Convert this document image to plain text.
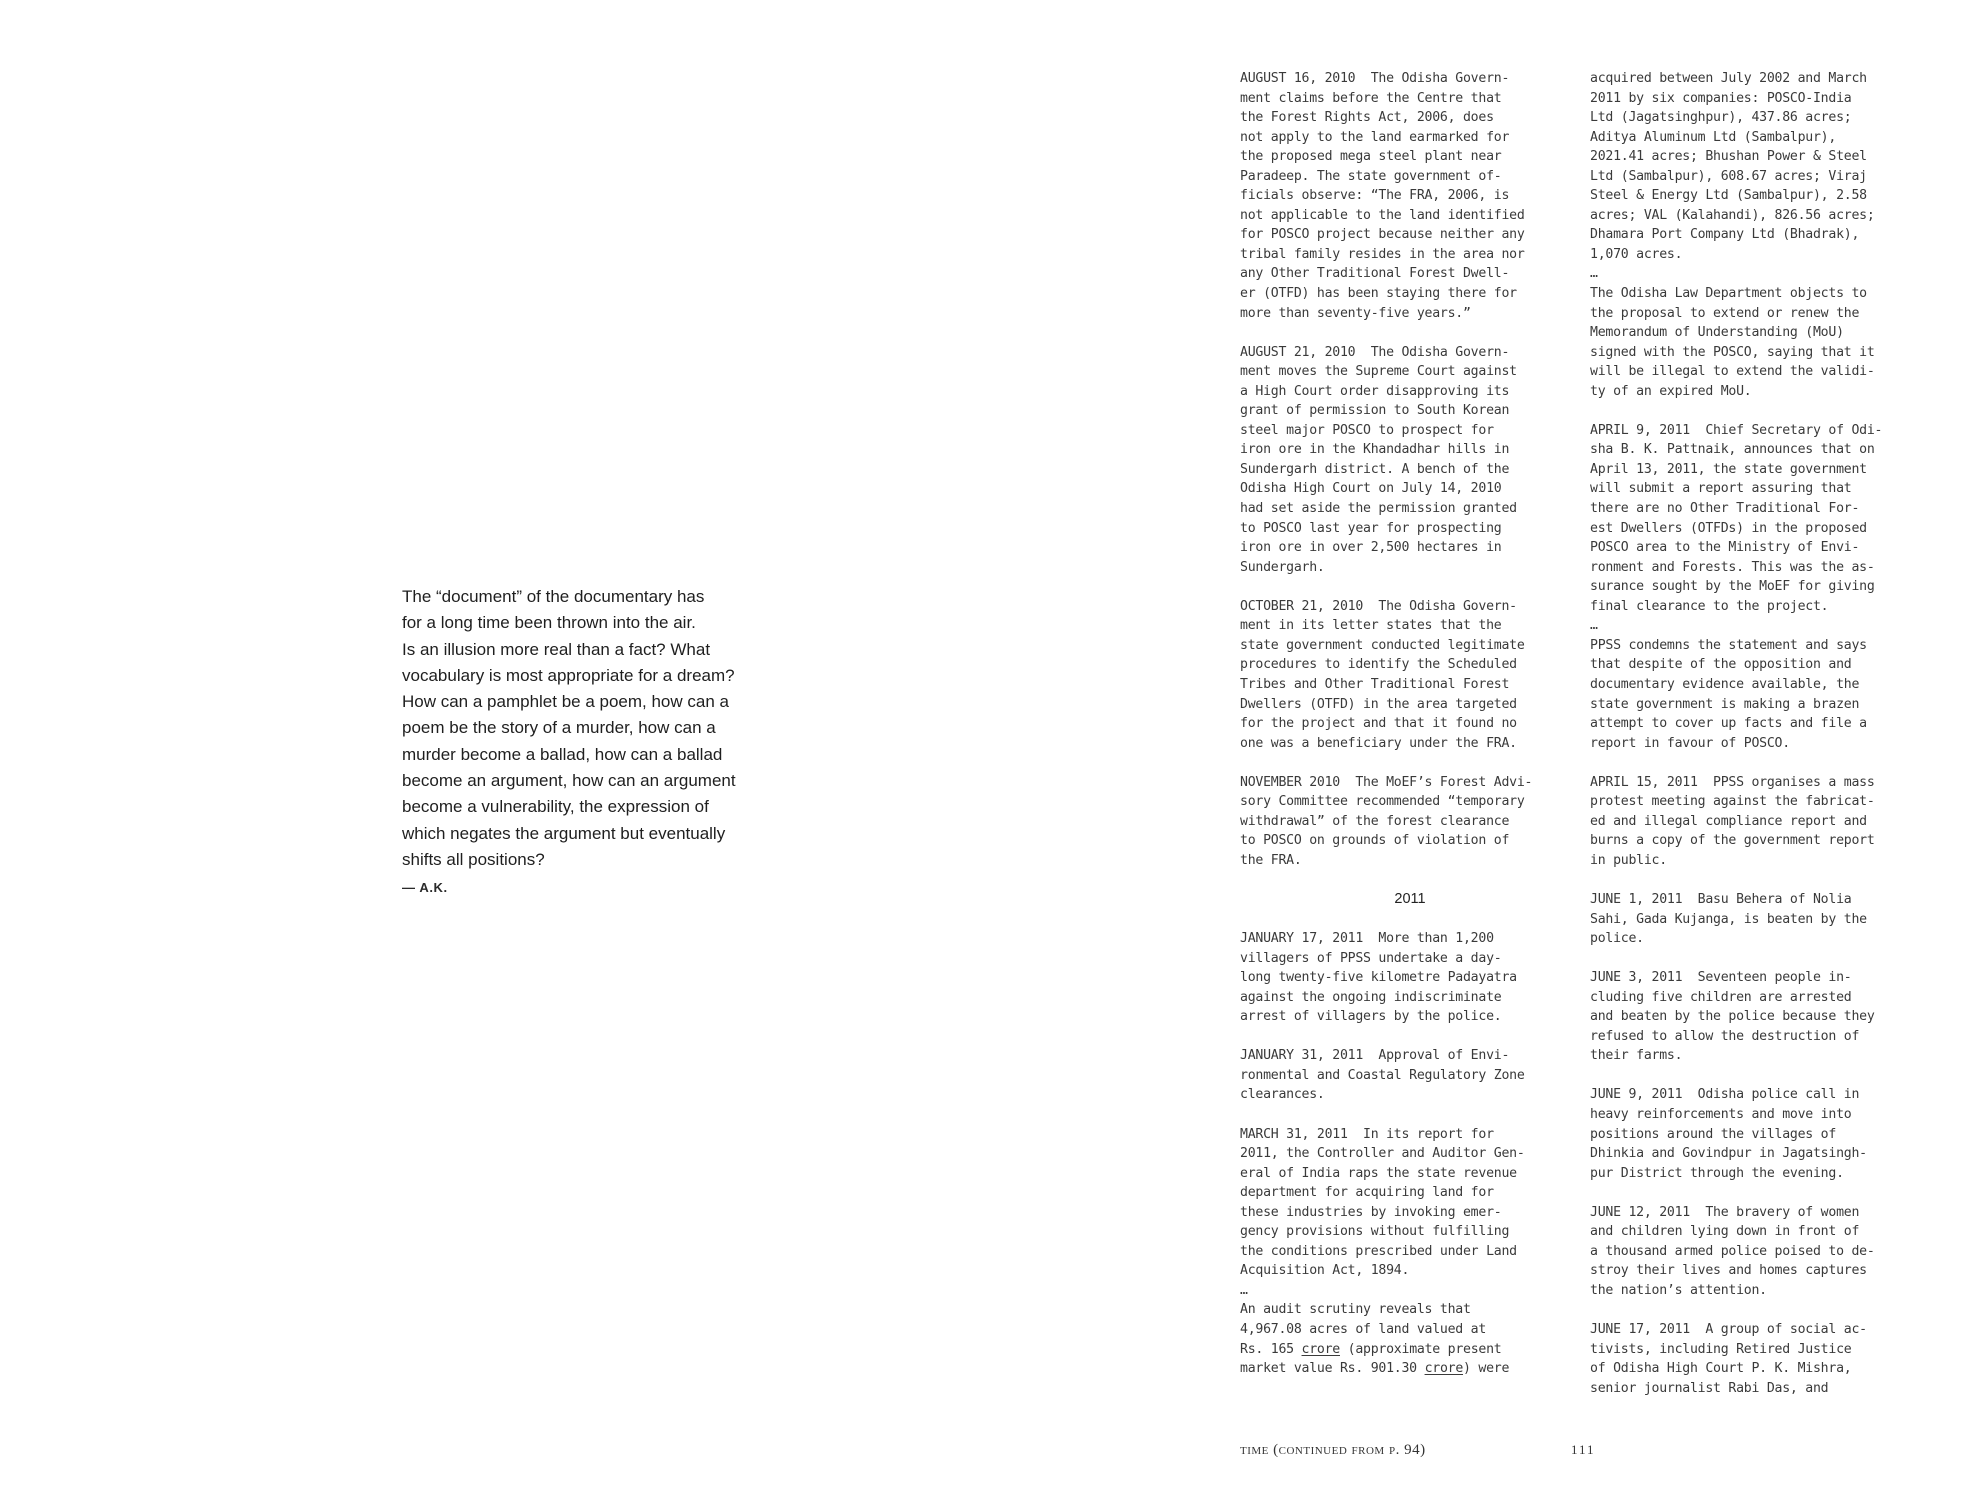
The “document” of the documentary has
for a long time been thrown into the air.
Is an illusion more real than a fact? What
vocabulary is most appropriate for a dream?
How can a pamphlet be a poem, how can a
poem be the story of a murder, how can a
murder become a ballad, how can a ballad
become an argument, how can an argument
become a vulnerability, the expression of
which negates the argument but eventually
shifts all positions?
— A.K.
AUGUST 16, 2010  The Odisha Govern-
ment claims before the Centre that
the Forest Rights Act, 2006, does
not apply to the land earmarked for
the proposed mega steel plant near
Paradeep. The state government of-
ficials observe: “The FRA, 2006, is
not applicable to the land identified
for POSCO project because neither any
tribal family resides in the area nor
any Other Traditional Forest Dwell-
er (OTFD) has been staying there for
more than seventy-five years.”
AUGUST 21, 2010  The Odisha Govern-
ment moves the Supreme Court against
a High Court order disapproving its
grant of permission to South Korean
steel major POSCO to prospect for
iron ore in the Khandadhar hills in
Sundergarh district. A bench of the
Odisha High Court on July 14, 2010
had set aside the permission granted
to POSCO last year for prospecting
iron ore in over 2,500 hectares in
Sundergarh.
OCTOBER 21, 2010  The Odisha Govern-
ment in its letter states that the
state government conducted legitimate
procedures to identify the Scheduled
Tribes and Other Traditional Forest
Dwellers (OTFD) in the area targeted
for the project and that it found no
one was a beneficiary under the FRA.
NOVEMBER 2010  The MoEF’s Forest Advi-
sory Committee recommended “temporary
withdrawal” of the forest clearance
to POSCO on grounds of violation of
the FRA.
2011
JANUARY 17, 2011  More than 1,200
villagers of PPSS undertake a day-
long twenty-five kilometre Padayatra
against the ongoing indiscriminate
arrest of villagers by the police.
JANUARY 31, 2011  Approval of Envi-
ronmental and Coastal Regulatory Zone
clearances.
MARCH 31, 2011  In its report for
2011, the Controller and Auditor Gen-
eral of India raps the state revenue
department for acquiring land for
these industries by invoking emer-
gency provisions without fulfilling
the conditions prescribed under Land
Acquisition Act, 1894.
…
An audit scrutiny reveals that
4,967.08 acres of land valued at
Rs. 165 crore (approximate present
market value Rs. 901.30 crore) were
acquired between July 2002 and March
2011 by six companies: POSCO-India
Ltd (Jagatsinghpur), 437.86 acres;
Aditya Aluminum Ltd (Sambalpur),
2021.41 acres; Bhushan Power & Steel
Ltd (Sambalpur), 608.67 acres; Viraj
Steel & Energy Ltd (Sambalpur), 2.58
acres; VAL (Kalahandi), 826.56 acres;
Dhamara Port Company Ltd (Bhadrak),
1,070 acres.
…
The Odisha Law Department objects to
the proposal to extend or renew the
Memorandum of Understanding (MoU)
signed with the POSCO, saying that it
will be illegal to extend the validi-
ty of an expired MoU.
APRIL 9, 2011  Chief Secretary of Odi-
sha B. K. Pattnaik, announces that on
April 13, 2011, the state government
will submit a report assuring that
there are no Other Traditional For-
est Dwellers (OTFDs) in the proposed
POSCO area to the Ministry of Envi-
ronment and Forests. This was the as-
surance sought by the MoEF for giving
final clearance to the project.
…
PPSS condemns the statement and says
that despite of the opposition and
documentary evidence available, the
state government is making a brazen
attempt to cover up facts and file a
report in favour of POSCO.
APRIL 15, 2011  PPSS organises a mass
protest meeting against the fabricat-
ed and illegal compliance report and
burns a copy of the government report
in public.
JUNE 1, 2011  Basu Behera of Nolia
Sahi, Gada Kujanga, is beaten by the
police.
JUNE 3, 2011  Seventeen people in-
cluding five children are arrested
and beaten by the police because they
refused to allow the destruction of
their farms.
JUNE 9, 2011  Odisha police call in
heavy reinforcements and move into
positions around the villages of
Dhinkia and Govindpur in Jagatsingh-
pur District through the evening.
JUNE 12, 2011  The bravery of women
and children lying down in front of
a thousand armed police poised to de-
stroy their lives and homes captures
the nation’s attention.
JUNE 17, 2011  A group of social ac-
tivists, including Retired Justice
of Odisha High Court P. K. Mishra,
senior journalist Rabi Das, and
time (continued from p. 94)	111
